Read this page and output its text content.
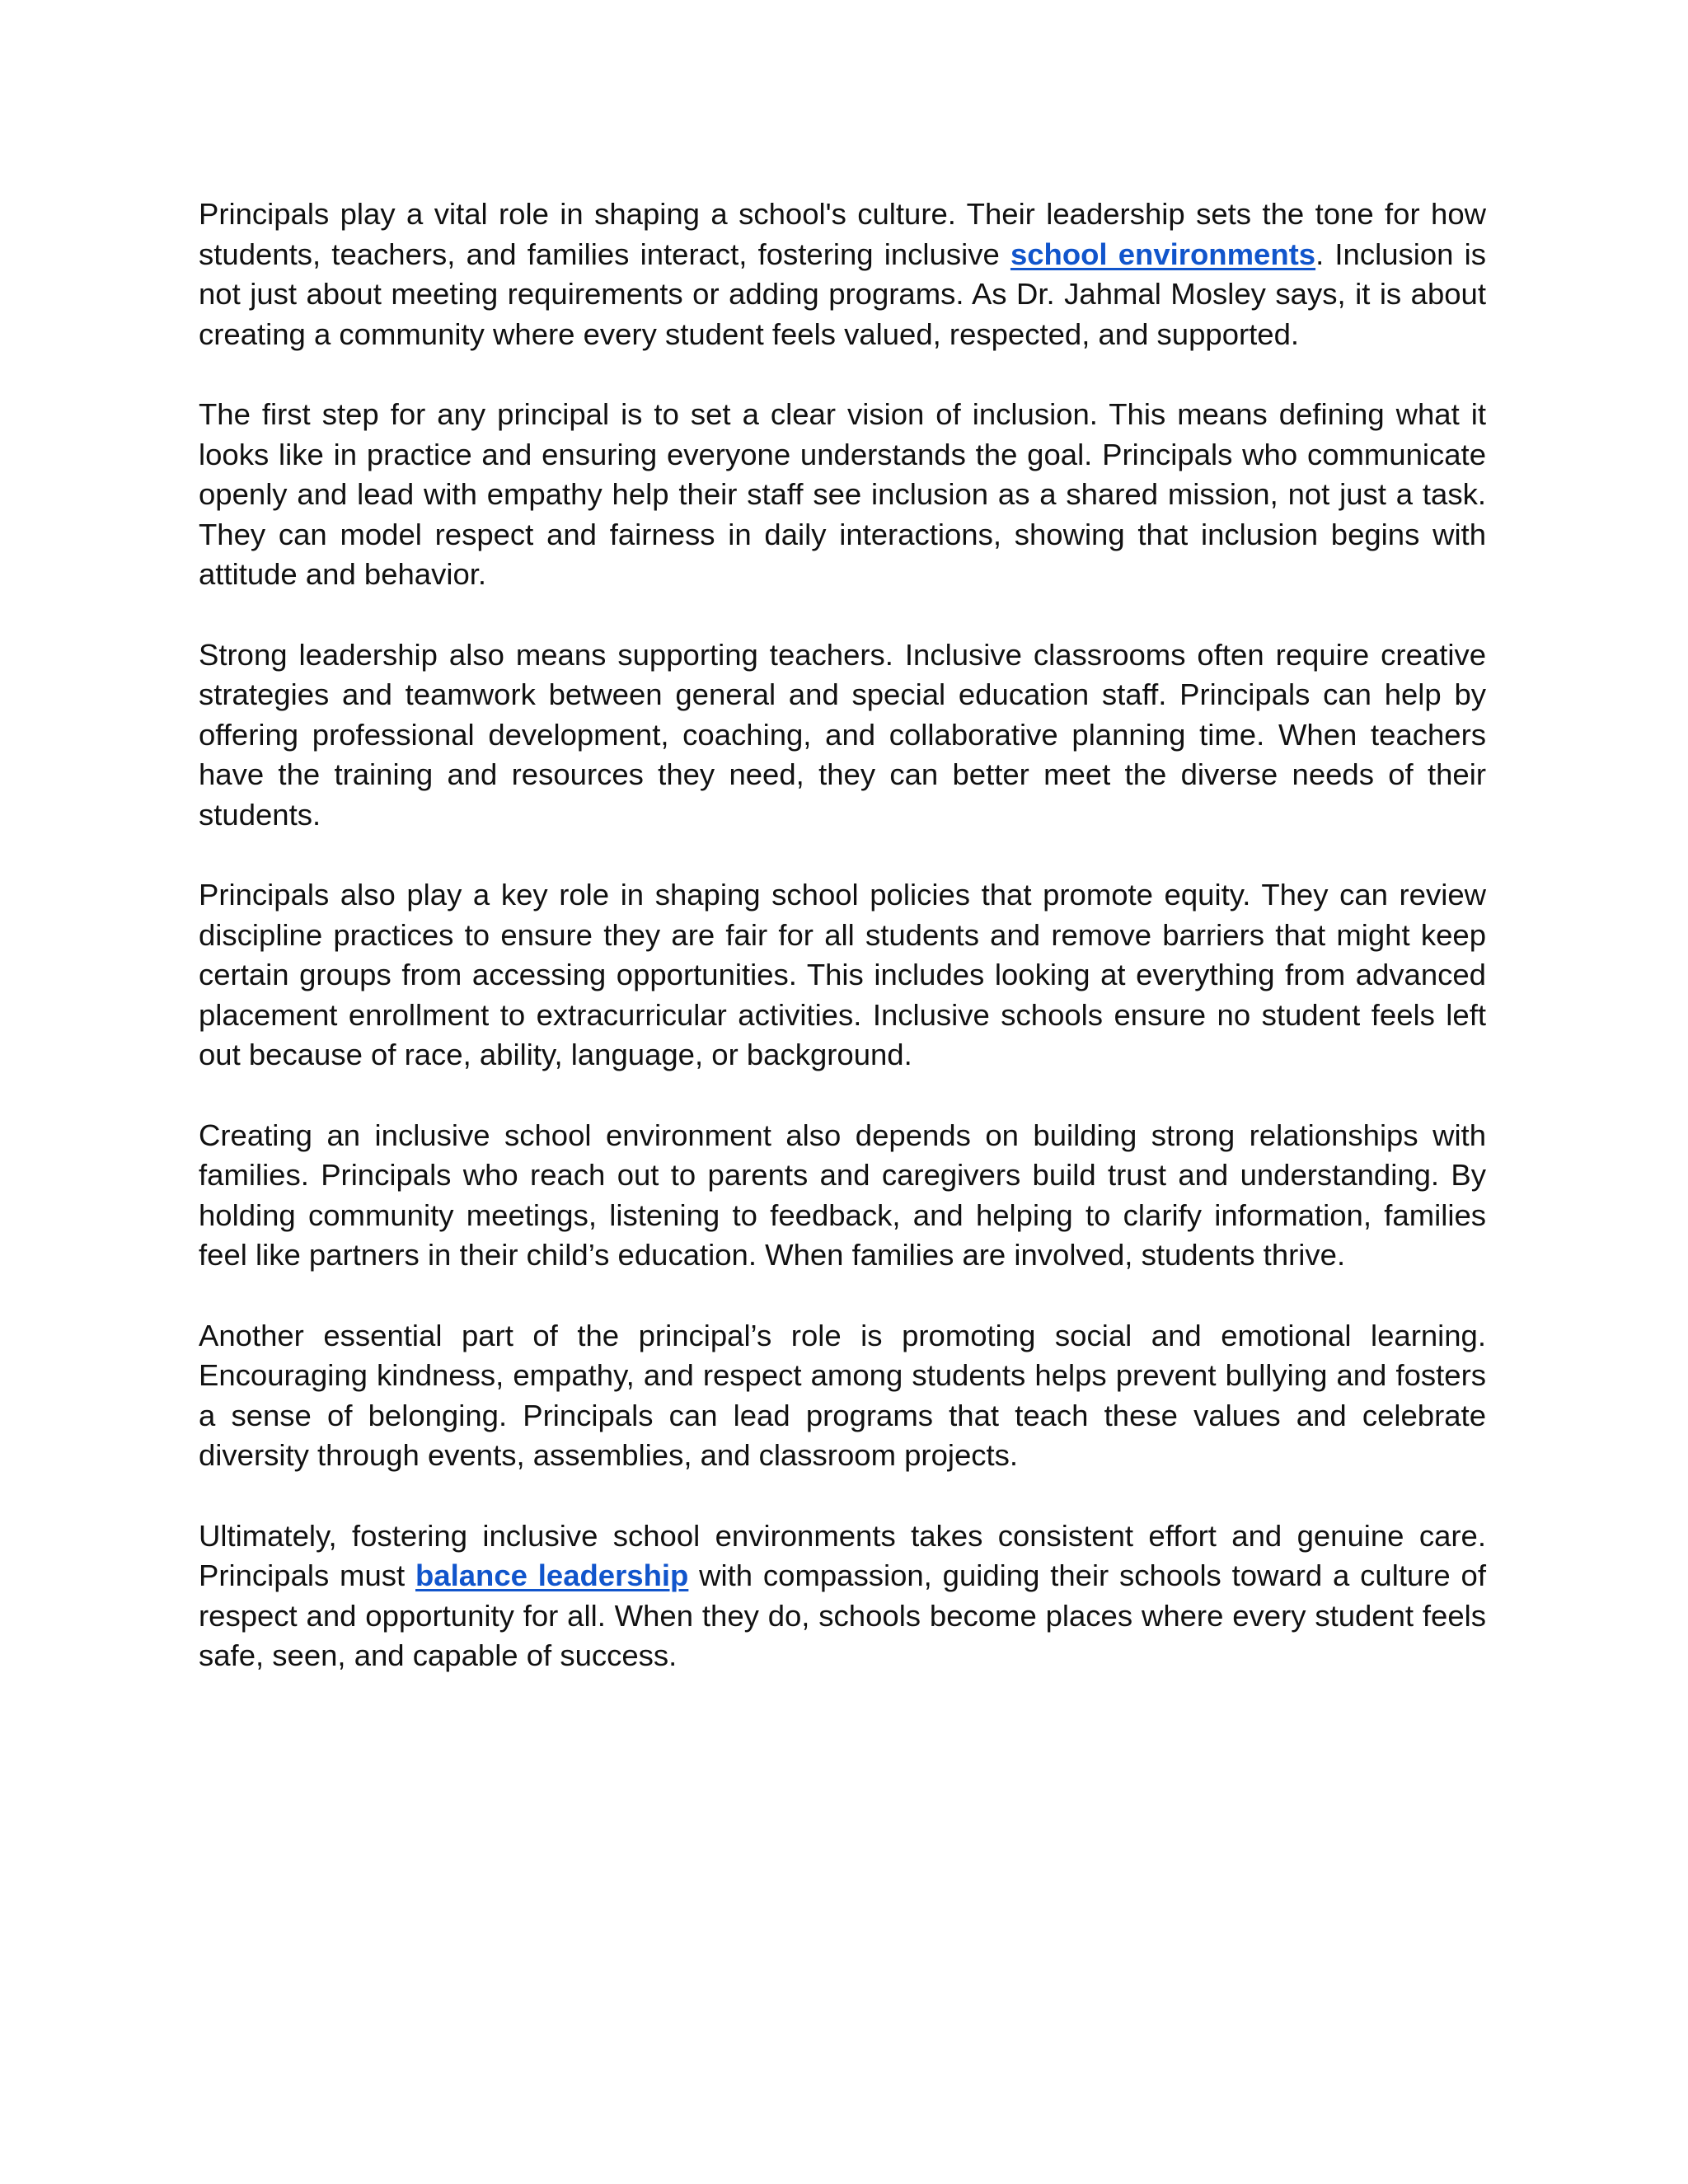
Principals play a vital role in shaping a school's culture. Their leadership sets the tone for how students, teachers, and families interact, fostering inclusive school environments. Inclusion is not just about meeting requirements or adding programs. As Dr. Jahmal Mosley says, it is about creating a community where every student feels valued, respected, and supported.

The first step for any principal is to set a clear vision of inclusion. This means defining what it looks like in practice and ensuring everyone understands the goal. Principals who communicate openly and lead with empathy help their staff see inclusion as a shared mission, not just a task. They can model respect and fairness in daily interactions, showing that inclusion begins with attitude and behavior.

Strong leadership also means supporting teachers. Inclusive classrooms often require creative strategies and teamwork between general and special education staff. Principals can help by offering professional development, coaching, and collaborative planning time. When teachers have the training and resources they need, they can better meet the diverse needs of their students.

Principals also play a key role in shaping school policies that promote equity. They can review discipline practices to ensure they are fair for all students and remove barriers that might keep certain groups from accessing opportunities. This includes looking at everything from advanced placement enrollment to extracurricular activities. Inclusive schools ensure no student feels left out because of race, ability, language, or background.

Creating an inclusive school environment also depends on building strong relationships with families. Principals who reach out to parents and caregivers build trust and understanding. By holding community meetings, listening to feedback, and helping to clarify information, families feel like partners in their child’s education. When families are involved, students thrive.

Another essential part of the principal’s role is promoting social and emotional learning. Encouraging kindness, empathy, and respect among students helps prevent bullying and fosters a sense of belonging. Principals can lead programs that teach these values and celebrate diversity through events, assemblies, and classroom projects.

Ultimately, fostering inclusive school environments takes consistent effort and genuine care. Principals must balance leadership with compassion, guiding their schools toward a culture of respect and opportunity for all. When they do, schools become places where every student feels safe, seen, and capable of success.
